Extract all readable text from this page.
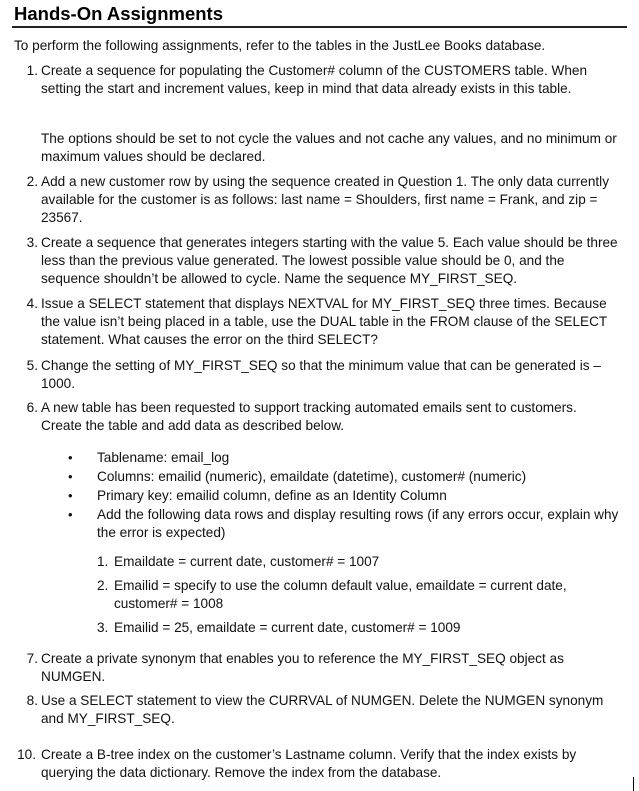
Hands-On Assignments
To perform the following assignments, refer to the tables in the JustLee Books database.
1. Create a sequence for populating the Customer# column of the CUSTOMERS table. When setting the start and increment values, keep in mind that data already exists in this table.
The options should be set to not cycle the values and not cache any values, and no minimum or maximum values should be declared.
2. Add a new customer row by using the sequence created in Question 1. The only data currently available for the customer is as follows: last name = Shoulders, first name = Frank, and zip = 23567.
3. Create a sequence that generates integers starting with the value 5. Each value should be three less than the previous value generated. The lowest possible value should be 0, and the sequence shouldn’t be allowed to cycle. Name the sequence MY_FIRST_SEQ.
4. Issue a SELECT statement that displays NEXTVAL for MY_FIRST_SEQ three times. Because the value isn’t being placed in a table, use the DUAL table in the FROM clause of the SELECT statement. What causes the error on the third SELECT?
5. Change the setting of MY_FIRST_SEQ so that the minimum value that can be generated is –1000.
6. A new table has been requested to support tracking automated emails sent to customers. Create the table and add data as described below.
• Tablename: email_log
• Columns: emailid (numeric), emaildate (datetime), customer# (numeric)
• Primary key: emailid column, define as an Identity Column
• Add the following data rows and display resulting rows (if any errors occur, explain why the error is expected)
1. Emaildate = current date, customer# = 1007
2. Emailid = specify to use the column default value, emaildate = current date, customer# = 1008
3. Emailid = 25, emaildate = current date, customer# = 1009
7. Create a private synonym that enables you to reference the MY_FIRST_SEQ object as NUMGEN.
8. Use a SELECT statement to view the CURRVAL of NUMGEN. Delete the NUMGEN synonym and MY_FIRST_SEQ.
10. Create a B-tree index on the customer’s Lastname column. Verify that the index exists by querying the data dictionary. Remove the index from the database.
